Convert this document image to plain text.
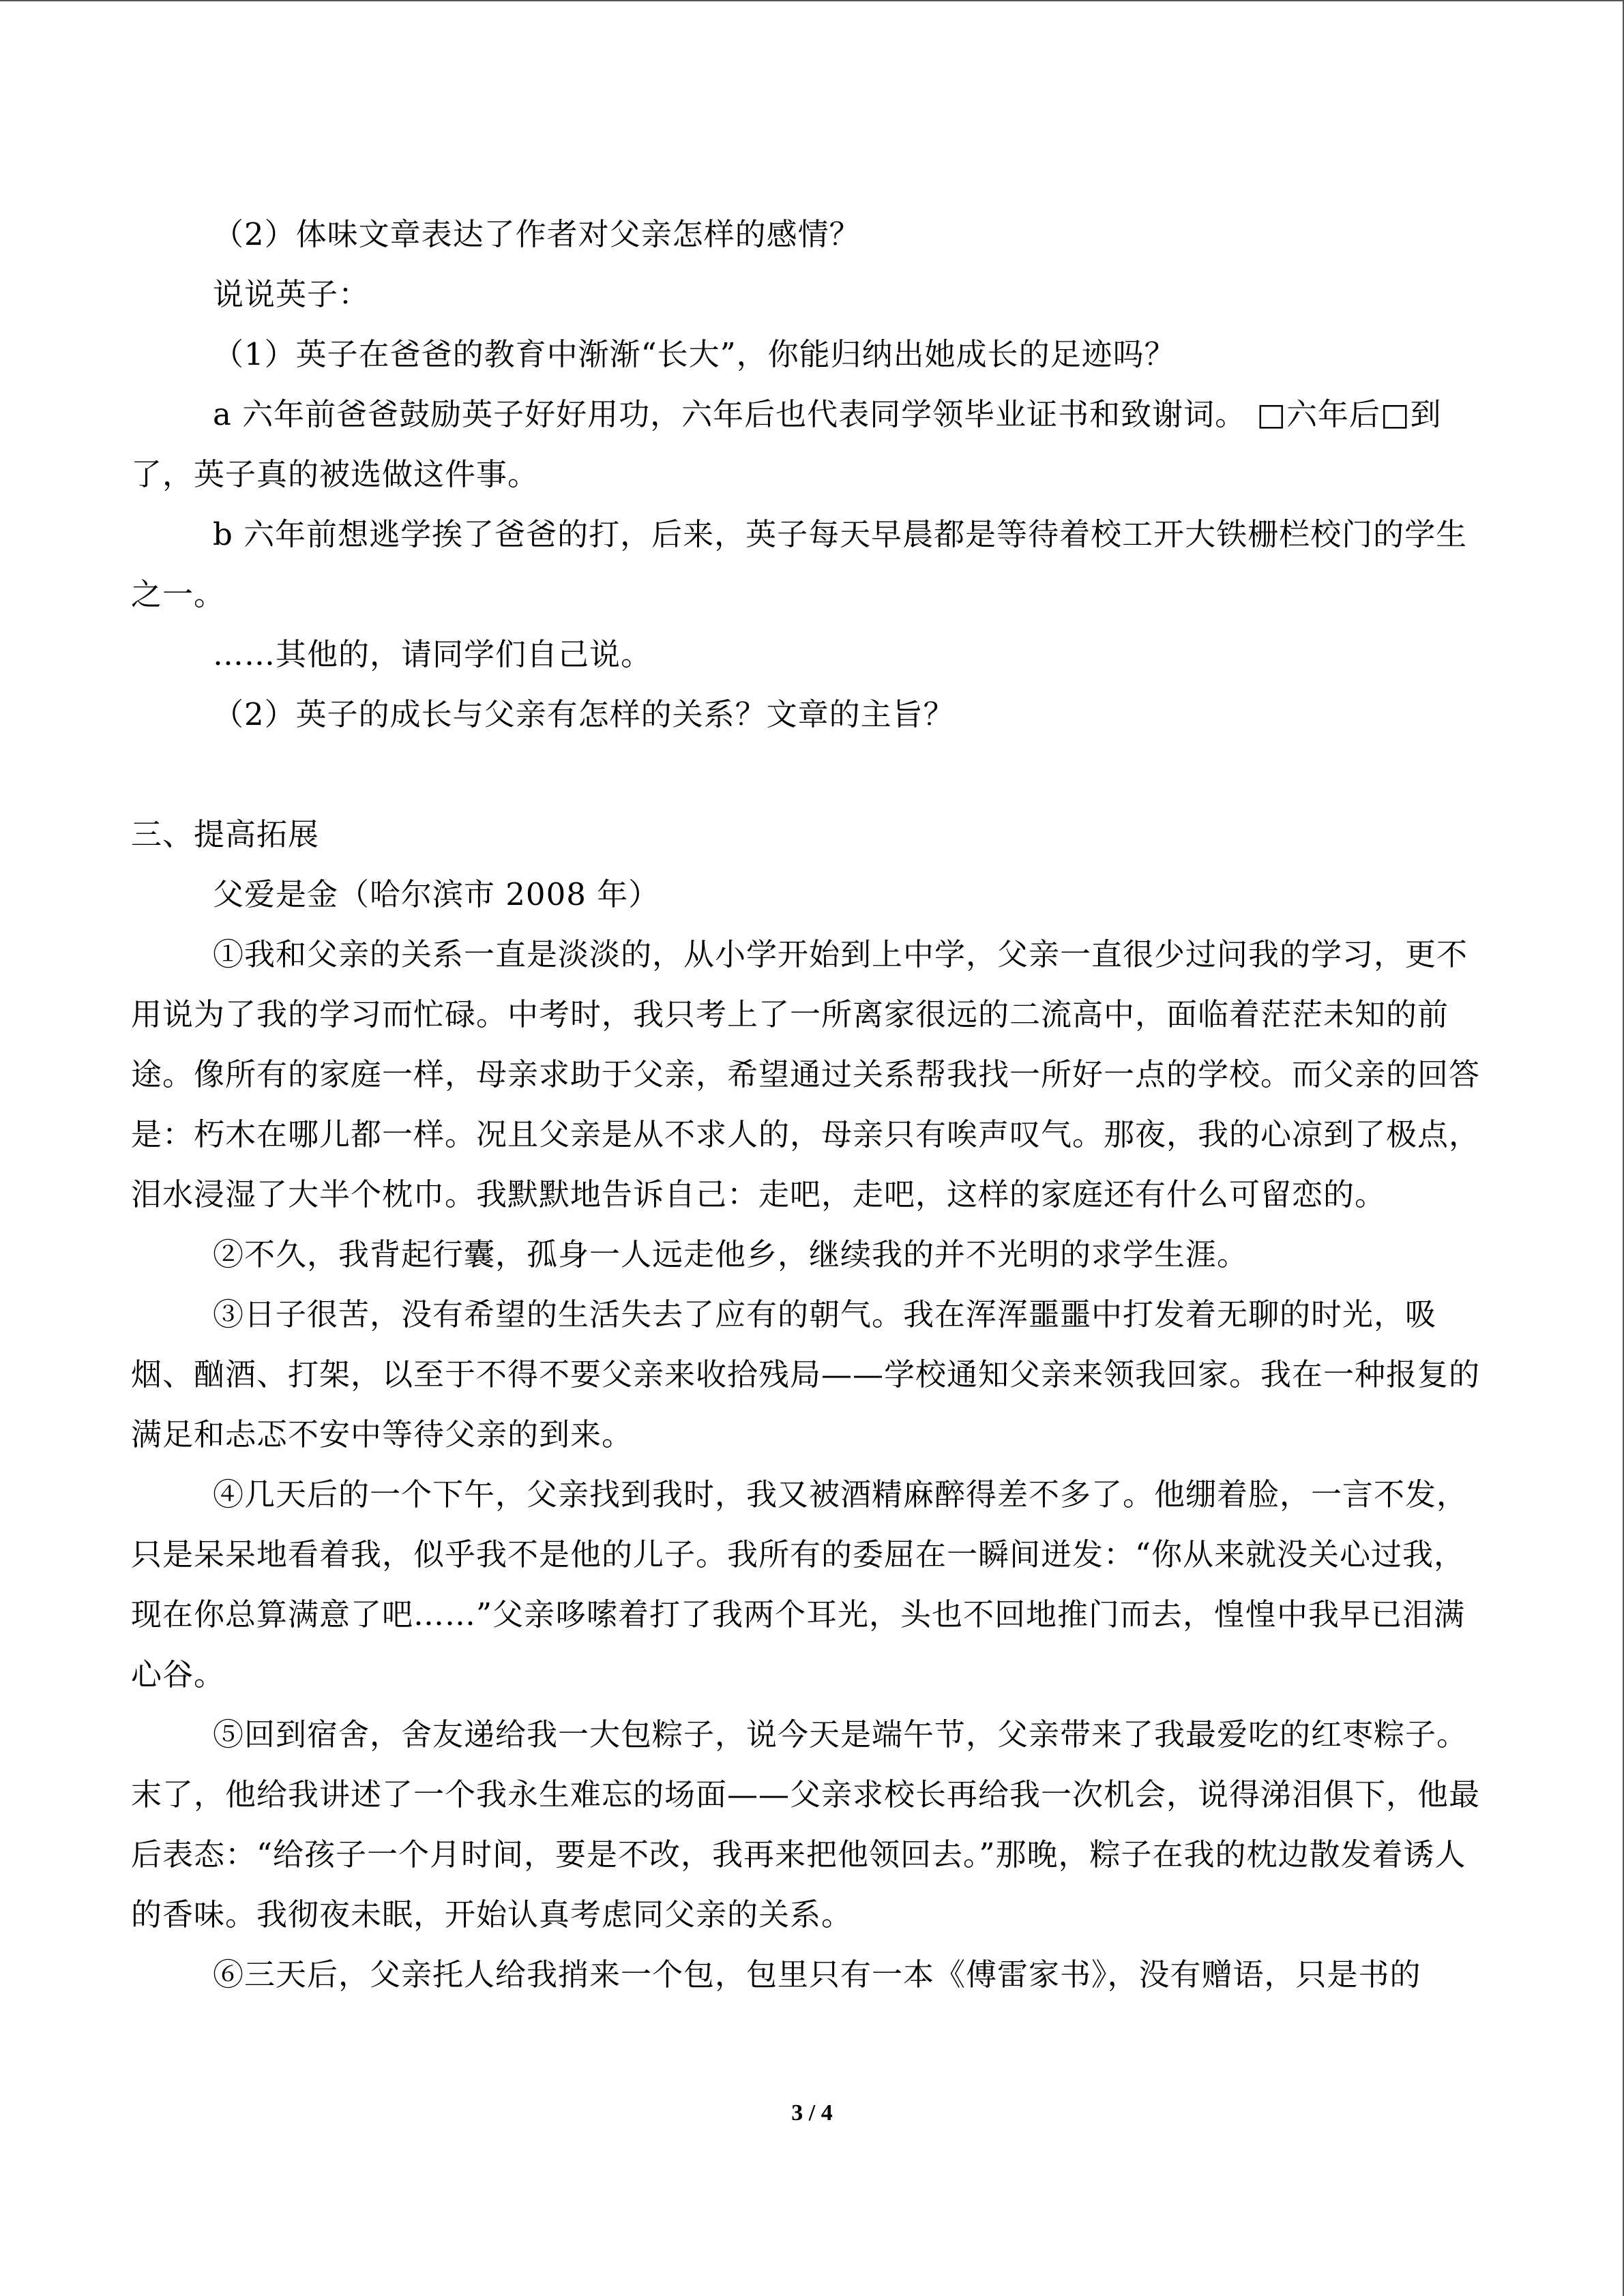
（2）体味文章表达了作者对父亲怎样的感情？

说说英子：

（1）英子在爸爸的教育中渐渐“长大”，你能归纳出她成长的足迹吗？

a 六年前爸爸鼓励英子好好用功，六年后也代表同学领毕业证书和致谢词。 □六年后□到了，英子真的被选做这件事。

b 六年前想逃学挨了爸爸的打，后来，英子每天早晨都是等待着校工开大铁栅栏校门的学生之一。

……其他的，请同学们自己说。

（2）英子的成长与父亲有怎样的关系？文章的主旨？

三、提高拓展

父爱是金（哈尔滨市 2008 年）

①我和父亲的关系一直是淡淡的，从小学开始到上中学，父亲一直很少过问我的学习，更不用说为了我的学习而忙碌。中考时，我只考上了一所离家很远的二流高中，面临着茫茫未知的前途。像所有的家庭一样，母亲求助于父亲，希望通过关系帮我找一所好一点的学校。而父亲的回答是：朽木在哪儿都一样。况且父亲是从不求人的，母亲只有唉声叹气。那夜，我的心凉到了极点，泪水浸湿了大半个枕巾。我默默地告诉自己：走吧，走吧，这样的家庭还有什么可留恋的。

②不久，我背起行囊，孤身一人远走他乡，继续我的并不光明的求学生涯。

③日子很苦，没有希望的生活失去了应有的朝气。我在浑浑噩噩中打发着无聊的时光，吸烟、酗酒、打架，以至于不得不要父亲来收拾残局——学校通知父亲来领我回家。我在一种报复的满足和忐忑不安中等待父亲的到来。

④几天后的一个下午，父亲找到我时，我又被酒精麻醉得差不多了。他绷着脸，一言不发，只是呆呆地看着我，似乎我不是他的儿子。我所有的委屈在一瞬间迸发：“你从来就没关心过我，现在你总算满意了吧……”父亲哆嗦着打了我两个耳光，头也不回地推门而去，惶惶中我早已泪满心谷。

⑤回到宿舍，舍友递给我一大包粽子，说今天是端午节，父亲带来了我最爱吃的红枣粽子。末了，他给我讲述了一个我永生难忘的场面——父亲求校长再给我一次机会，说得涕泪俱下，他最后表态：“给孩子一个月时间，要是不改，我再来把他领回去。”那晚，粽子在我的枕边散发着诱人的香味。我彻夜未眠，开始认真考虑同父亲的关系。

⑥三天后，父亲托人给我捎来一个包，包里只有一本《傅雷家书》，没有赠语，只是书的

3 / 4
